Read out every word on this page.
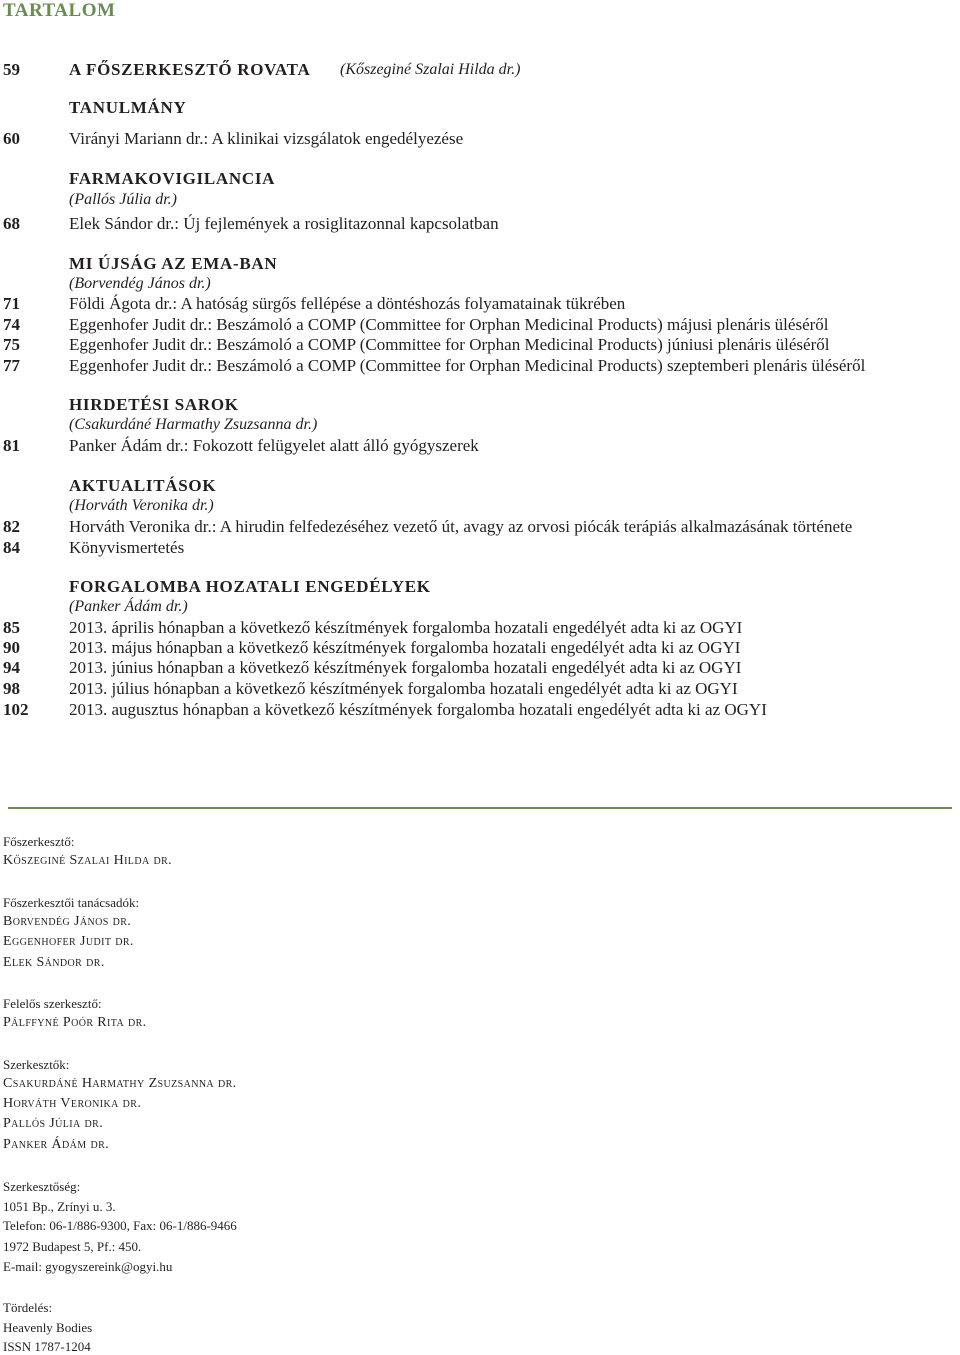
TARTALOM
59	A FŐSZERKESZTŐ ROVATA (Kőszeginé Szalai Hilda dr.)
TANULMÁNY
60	Virányi Mariann dr.: A klinikai vizsgálatok engedélyezése
FARMAKOVIGILANCIA
(Pallós Júlia dr.)
68	Elek Sándor dr.: Új fejlemények a rosiglitazonnal kapcsolatban
MI ÚJSÁG AZ EMA-BAN
(Borvendég János dr.)
71	Földi Ágota dr.: A hatóság sürgős fellépése a döntéshozás folyamatainak tükrében
74	Eggenhofer Judit dr.: Beszámoló a COMP (Committee for Orphan Medicinal Products) májusi plenáris üléséről
75	Eggenhofer Judit dr.: Beszámoló a COMP (Committee for Orphan Medicinal Products) júniusi plenáris üléséről
77	Eggenhofer Judit dr.: Beszámoló a COMP (Committee for Orphan Medicinal Products) szeptemberi plenáris üléséről
HIRDETÉSI SAROK
(Csakurdáné Harmathy Zsuzsanna dr.)
81	Panker Ádám dr.: Fokozott felügyelet alatt álló gyógyszerek
AKTUALITÁSOK
(Horváth Veronika dr.)
82	Horváth Veronika dr.: A hirudin felfedezéséhez vezető út, avagy az orvosi piócák terápiás alkalmazásának története
84	Könyvismertetés
FORGALOMBA HOZATALI ENGEDÉLYEK
(Panker Ádám dr.)
85	2013. április hónapban a következő készítmények forgalomba hozatali engedélyét adta ki az OGYI
90	2013. május hónapban a következő készítmények forgalomba hozatali engedélyét adta ki az OGYI
94	2013. június hónapban a következő készítmények forgalomba hozatali engedélyét adta ki az OGYI
98	2013. július hónapban a következő készítmények forgalomba hozatali engedélyét adta ki az OGYI
102 2013. augusztus hónapban a következő készítmények forgalomba hozatali engedélyét adta ki az OGYI
Főszerkesztő:
Kőszeginé Szalai Hilda dr.
Főszerkesztői tanácsadók:
Borvendég János dr.
Eggenhofer Judit dr.
Elek Sándor dr.
Felelős szerkesztő:
Pálffyné Poór Rita dr.
Szerkesztők:
Csakurdáné Harmathy Zsuzsanna dr.
Horváth Veronika dr.
Pallós Júlia dr.
Panker Ádám dr.
Szerkesztőség:
1051 Bp., Zrínyi u. 3.
Telefon: 06-1/886-9300, Fax: 06-1/886-9466
1972 Budapest 5, Pf.: 450.
E-mail: gyogyszereink@ogyi.hu
Tördelés:
Heavenly Bodies
ISSN 1787-1204
